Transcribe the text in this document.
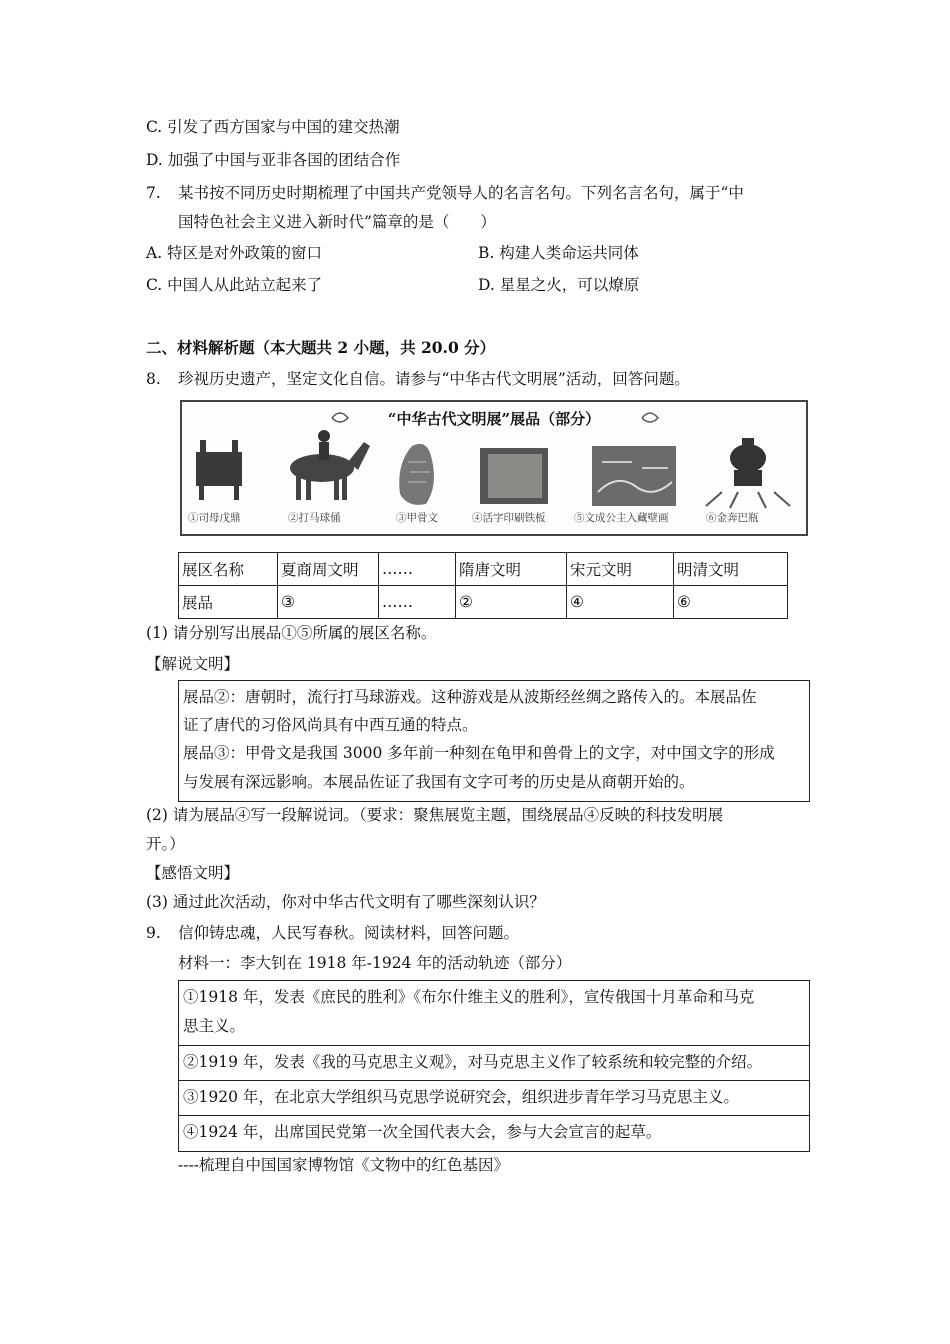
C. 引发了西方国家与中国的建交热潮
D. 加强了中国与亚非各国的团结合作
7. 某书按不同历史时期梳理了中国共产党领导人的名言名句。下列名言名句，属于“中
国特色社会主义进入新时代”篇章的是（　　）
A. 特区是对外政策的窗口	B. 构建人类命运共同体
C. 中国人从此站立起来了	D. 星星之火，可以燎原
二、材料解析题（本大题共 2 小题，共 20.0 分）
8. 珍视历史遗产，坚定文化自信。请参与“中华古代文明展”活动，回答问题。
“中华古代文明展”展品（部分）
①司母戊鼎	②打马球俑	③甲骨文	④活字印刷铁板	⑤文成公主入藏壁画	⑥金奔巴瓶
展区名称	夏商周文明	……	隋唐文明	宋元文明	明清文明
展品	③	……	②	④	⑥
(1) 请分别写出展品①⑤所属的展区名称。
【解说文明】
展品②：唐朝时，流行打马球游戏。这种游戏是从波斯经丝绸之路传入的。本展品佐
证了唐代的习俗风尚具有中西互通的特点。
展品③：甲骨文是我国 3000 多年前一种刻在龟甲和兽骨上的文字，对中国文字的形成
与发展有深远影响。本展品佐证了我国有文字可考的历史是从商朝开始的。
(2) 请为展品④写一段解说词。（要求：聚焦展览主题，围绕展品④反映的科技发明展
开。）
【感悟文明】
(3) 通过此次活动，你对中华古代文明有了哪些深刻认识？
9. 信仰铸忠魂，人民写春秋。阅读材料，回答问题。
材料一：李大钊在 1918 年-1924 年的活动轨迹（部分）
①1918 年，发表《庶民的胜利》《布尔什维主义的胜利》，宣传俄国十月革命和马克
思主义。
②1919 年，发表《我的马克思主义观》，对马克思主义作了较系统和较完整的介绍。
③1920 年，在北京大学组织马克思学说研究会，组织进步青年学习马克思主义。
④1924 年，出席国民党第一次全国代表大会，参与大会宣言的起草。
----梳理自中国国家博物馆《文物中的红色基因》
